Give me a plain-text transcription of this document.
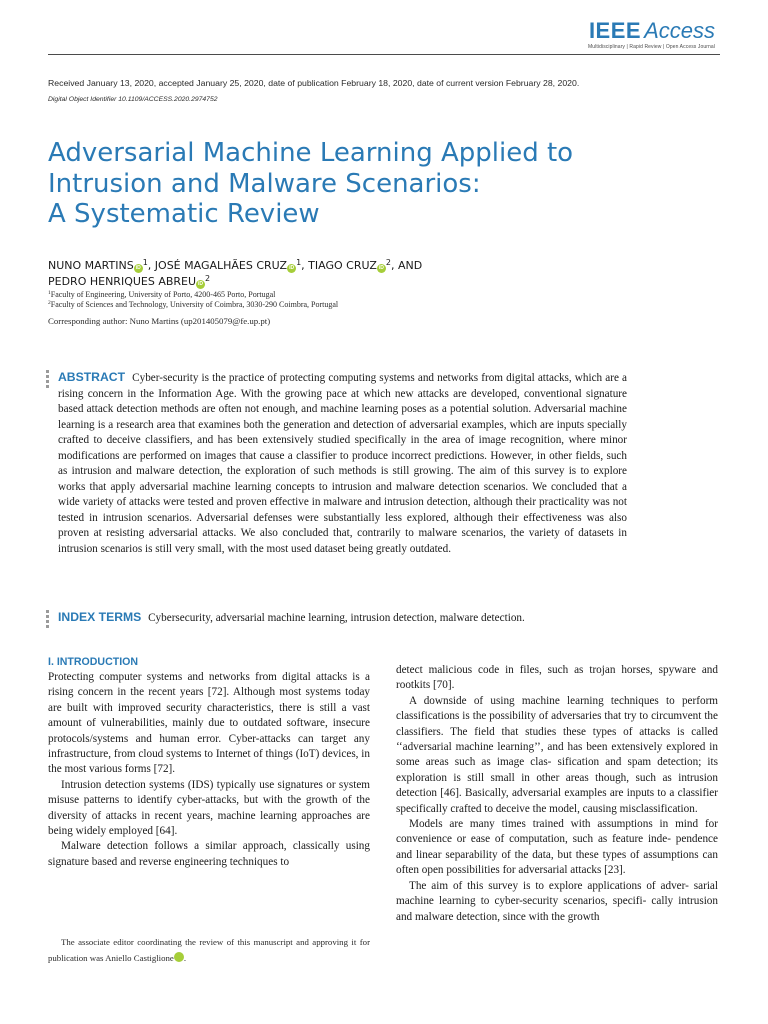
IEEE Access
Multidisciplinary | Rapid Review | Open Access Journal
Received January 13, 2020, accepted January 25, 2020, date of publication February 18, 2020, date of current version February 28, 2020.
Digital Object Identifier 10.1109/ACCESS.2020.2974752
Adversarial Machine Learning Applied to
Intrusion and Malware Scenarios:
A Systematic Review
NUNO MARTINS $iD^1$, JOSÉ MAGALHÃES CRUZ $iD^1$, TIAGO CRUZ $iD^2$, AND
PEDRO HENRIQUES ABREU $iD^2$
$^1$Faculty of Engineering, University of Porto, 4200-465 Porto, Portugal
$^2$Faculty of Sciences and Technology, University of Coimbra, 3030-290 Coimbra, Portugal
Corresponding author: Nuno Martins (up201405079@fe.up.pt)
ABSTRACT Cyber-security is the practice of protecting computing systems and networks from digital attacks, which are a rising concern in the Information Age. With the growing pace at which new attacks are developed, conventional signature based attack detection methods are often not enough, and machine learning poses as a potential solution. Adversarial machine learning is a research area that examines both the generation and detection of adversarial examples, which are inputs specially crafted to deceive classifiers, and has been extensively studied specifically in the area of image recognition, where minor modifications are performed on images that cause a classifier to produce incorrect predictions. However, in other fields, such as intrusion and malware detection, the exploration of such methods is still growing. The aim of this survey is to explore works that apply adversarial machine learning concepts to intrusion and malware detection scenarios. We concluded that a wide variety of attacks were tested and proven effective in malware and intrusion detection, although their practicality was not tested in intrusion scenarios. Adversarial defenses were substantially less explored, although their effectiveness was also proven at resisting adversarial attacks. We also concluded that, contrarily to malware scenarios, the variety of datasets in intrusion scenarios is still very small, with the most used dataset being greatly outdated.
INDEX TERMS Cybersecurity, adversarial machine learning, intrusion detection, malware detection.
I. INTRODUCTION

Protecting computer systems and networks from digital attacks is a rising concern in the recent years [72]. Although most systems today are built with improved security characteristics, there is still a vast amount of vulnerabilities, mainly due to outdated software, insecure protocols/systems and human error. Cyber-attacks can target any infrastructure, from cloud systems to Internet of things (IoT) devices, in the most various forms [72].

Intrusion detection systems (IDS) typically use signatures or system misuse patterns to identify cyber-attacks, but with the growth of the diversity of attacks in recent years, machine learning approaches are being widely employed [64].

Malware detection follows a similar approach, classically using signature based and reverse engineering techniques to

detect malicious code in files, such as trojan horses, spyware and rootkits [70].

A downside of using machine learning techniques to perform classifications is the possibility of adversaries that try to circumvent the classifiers. The field that studies these types of attacks is called ‘‘adversarial machine learning’’, and has been extensively explored in some areas such as image clas- sification and spam detection; its exploration is still small in other areas though, such as intrusion detection [46]. Basically, adversarial examples are inputs to a classifier specifically crafted to deceive the model, causing misclassification.

Models are many times trained with assumptions in mind for convenience or ease of computation, such as feature inde- pendence and linear separability of the data, but these types of assumptions can often open possibilities for adversarial attacks [23].

The aim of this survey is to explore applications of adver- sarial machine learning to cyber-security scenarios, specifi- cally intrusion and malware detection, since with the growth

The associate editor coordinating the review of this manuscript and approving it for publication was Aniello Castiglione	iD.
